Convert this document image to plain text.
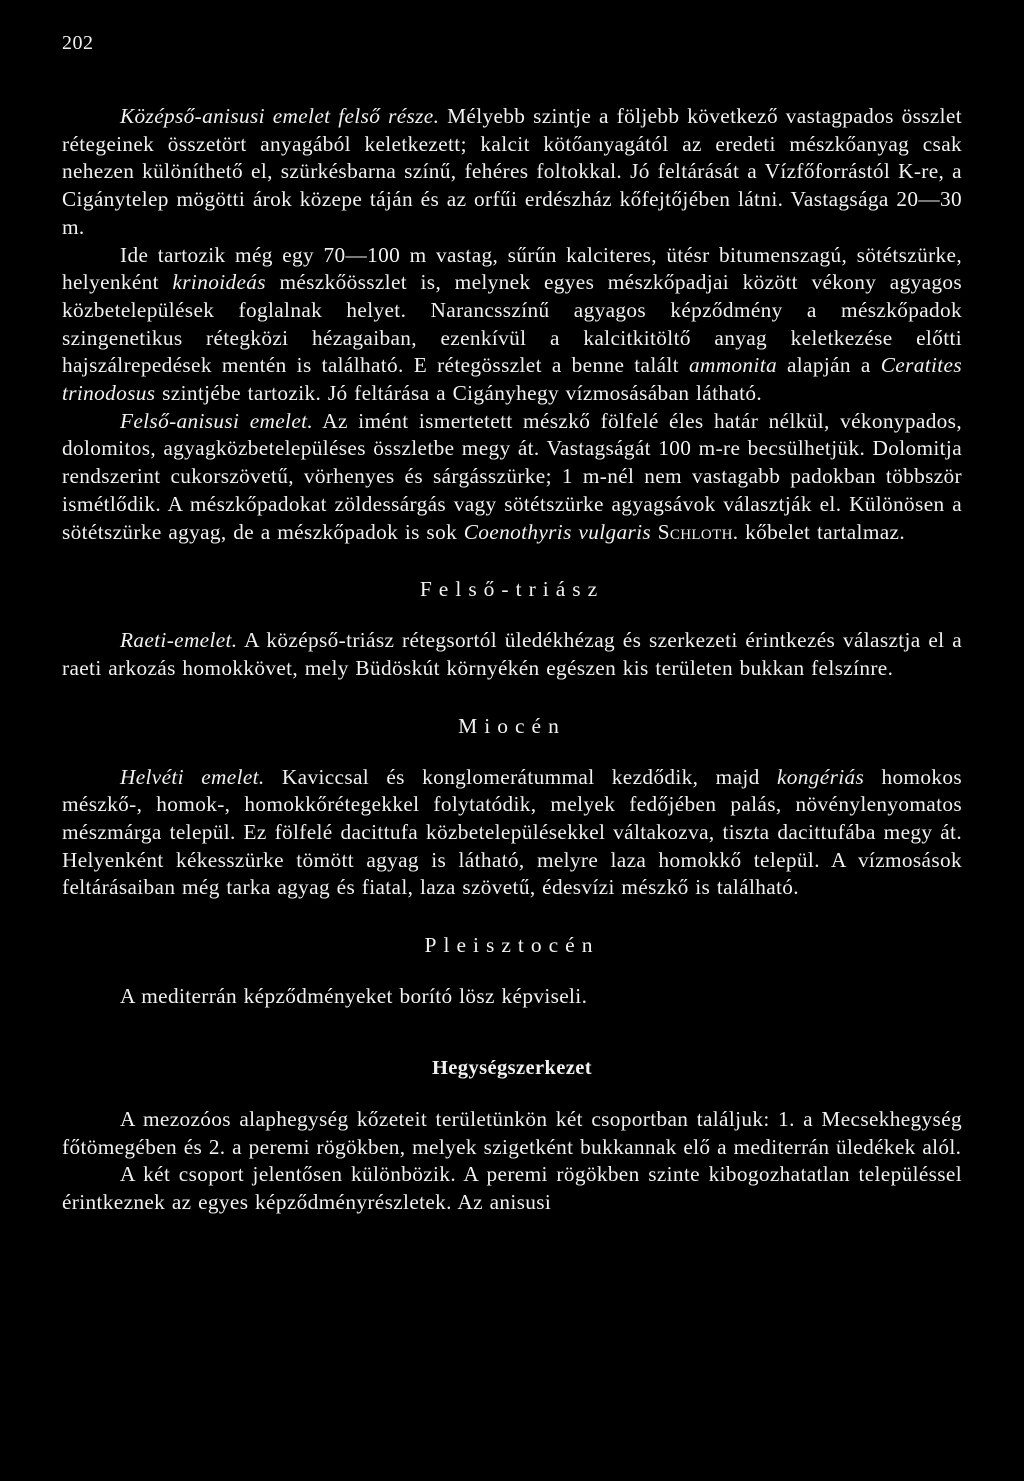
202

Középső-anisusi emelet felső része. Mélyebb szintje a följebb következő vastagpados összlet rétegeinek összetört anyagából keletkezett; kalcit kötőanyagától az eredeti mészkőanyag csak nehezen különíthető el, szürkésbarna színű, fehéres foltokkal. Jó feltárását a Vízfőforrástól K-re, a Cigánytelep mögötti árok közepe táján és az orfűi erdészház kőfejtőjében látni. Vastagsága 20—30 m.

Ide tartozik még egy 70—100 m vastag, sűrűn kalciteres, ütésr bitumenszagú, sötétszürke, helyenként krinoideás mészkőösszlet is, melynek egyes mészkőpadjai között vékony agyagos közbetelepülések foglalnak helyet. Narancsszínű agyagos képződmény a mészkőpadok szingenetikus rétegközi hézagaiban, ezenkívül a kalcitkitöltő anyag keletkezése előtti hajszálrepedések mentén is található. E rétegösszlet a benne talált ammonita alapján a Ceratites trinodosus szintjébe tartozik. Jó feltárása a Cigányhegy vízmosásában látható.

Felső-anisusi emelet. Az imént ismertetett mészkő fölfelé éles határ nélkül, vékonypados, dolomitos, agyagközbetelepüléses összletbe megy át. Vastagságát 100 m-re becsülhetjük. Dolomitja rendszerint cukorszövetű, vörhenyes és sárgásszürke; 1 m-nél nem vastagabb padokban többször ismétlődik. A mészkőpadokat zöldessárgás vagy sötétszürke agyagsávok választják el. Különösen a sötétszürke agyag, de a mészkőpadok is sok Coenothyris vulgaris Schloth. kőbelet tartalmaz.

Felső-triász

Raeti-emelet. A középső-triász rétegsortól üledékhézag és szerkezeti érintkezés választja el a raeti arkozás homokkövet, mely Büdöskút környékén egészen kis területen bukkan felszínre.

Miocén

Helvéti emelet. Kaviccsal és konglomerátummal kezdődik, majd kongériás homokos mészkő-, homok-, homokkőrétegekkel folytatódik, melyek fedőjében palás, növénylenyomatos mészmárga települ. Ez fölfelé dacittufa közbetelepülésekkel váltakozva, tiszta dacittufába megy át. Helyenként kékesszürke tömött agyag is látható, melyre laza homokkő települ. A vízmosások feltárásaiban még tarka agyag és fiatal, laza szövetű, édesvízi mészkő is található.

Pleisztocén

A mediterrán képződményeket borító lösz képviseli.

Hegységszerkezet

A mezozóos alaphegység kőzeteit területünkön két csoportban találjuk: 1. a Mecsekhegység főtömegében és 2. a peremi rögökben, melyek szigetként bukkannak elő a mediterrán üledékek alól.

A két csoport jelentősen különbözik. A peremi rögökben szinte kibogozhatatlan településsel érintkeznek az egyes képződményrészletek. Az anisusi
